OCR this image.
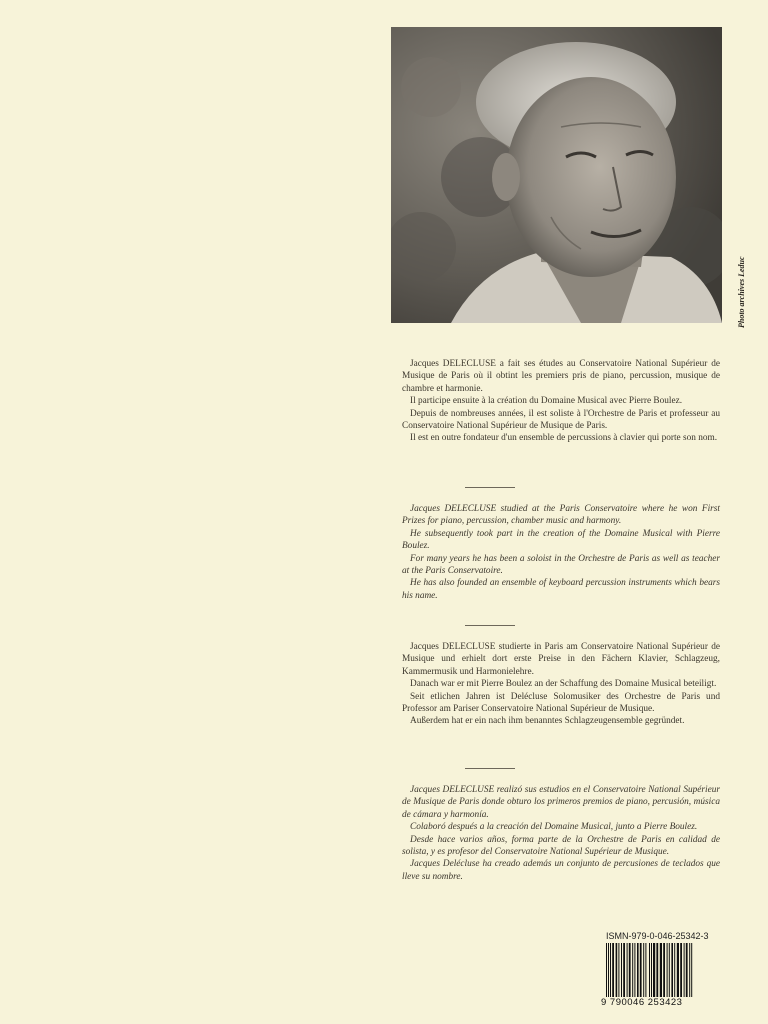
Photo archives Leduc

Jacques DELECLUSE a fait ses études au Conservatoire National Supérieur de Musique de Paris où il obtint les premiers pris de piano, percussion, musique de chambre et harmonie.

Il participe ensuite à la création du Domaine Musical avec Pierre Boulez.

Depuis de nombreuses années, il est soliste à l'Orchestre de Paris et professeur au Conservatoire National Supérieur de Musique de Paris.

Il est en outre fondateur d'un ensemble de percussions à clavier qui porte son nom.

Jacques DELECLUSE studied at the Paris Conservatoire where he won First Prizes for piano, percussion, chamber music and harmony.

He subsequently took part in the creation of the Domaine Musical with Pierre Boulez.

For many years he has been a soloist in the Orchestre de Paris as well as teacher at the Paris Conservatoire.

He has also founded an ensemble of keyboard percussion instruments which bears his name.

Jacques DELECLUSE studierte in Paris am Conservatoire National Supérieur de Musique und erhielt dort erste Preise in den Fächern Klavier, Schlagzeug, Kammermusik und Harmonielehre.

Danach war er mit Pierre Boulez an der Schaffung des Domaine Musical beteiligt.

Seit etlichen Jahren ist Delécluse Solomusiker des Orchestre de Paris und Professor am Pariser Conservatoire National Supérieur de Musique.

Außerdem hat er ein nach ihm benanntes Schlagzeugensemble gegründet.

Jacques DELECLUSE realizó sus estudios en el Conservatoire National Supérieur de Musique de Paris donde obturo los primeros premios de piano, percusión, música de cámara y harmonía.

Colaboró después a la creación del Domaine Musical, junto a Pierre Boulez.

Desde hace varios años, forma parte de la Orchestre de Paris en calidad de solista, y es profesor del Conservatoire National Supérieur de Musique.

Jacques Delécluse ha creado además un conjunto de percusiones de teclados que lleve su nombre.

ISMN-979-0-046-25342-3
9 790046 253423
